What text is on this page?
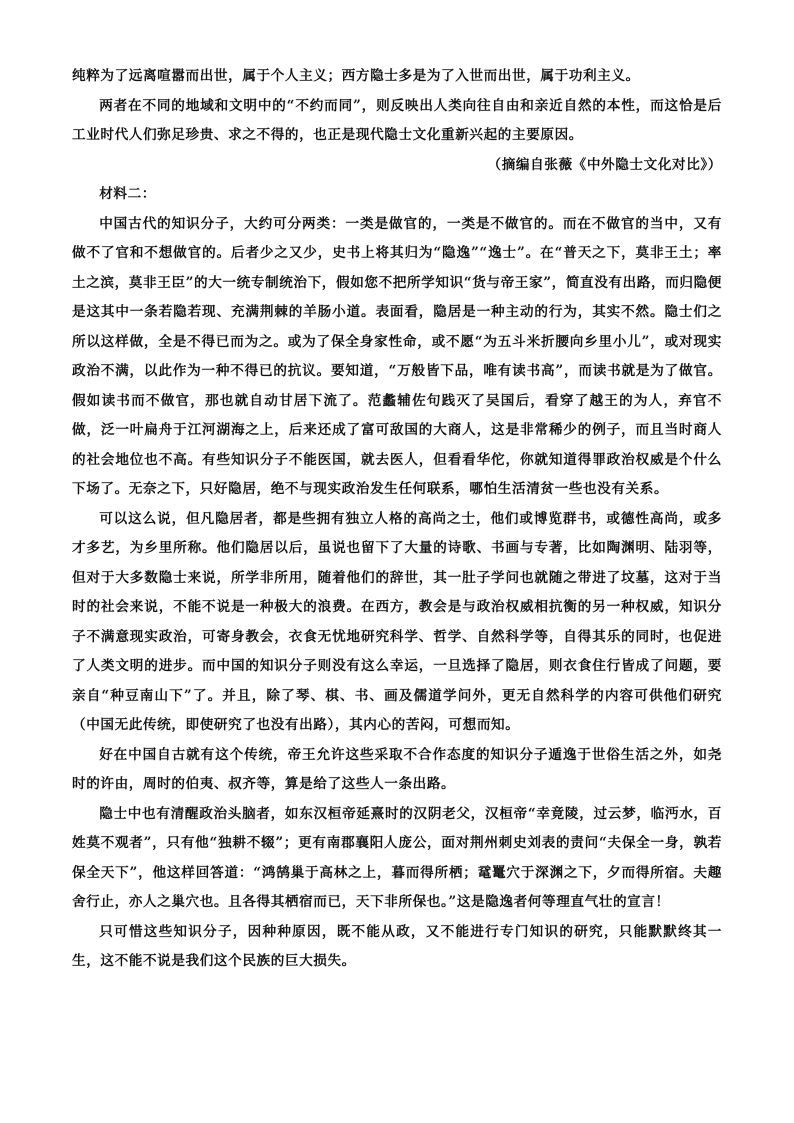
纯粹为了远离喧嚣而出世，属于个人主义；西方隐士多是为了入世而出世，属于功利主义。

两者在不同的地域和文明中的“不约而同”，则反映出人类向往自由和亲近自然的本性，而这恰是后工业时代人们弥足珍贵、求之不得的，也正是现代隐士文化重新兴起的主要原因。

（摘编自张薇《中外隐士文化对比》）

材料二：

中国古代的知识分子，大约可分两类：一类是做官的，一类是不做官的。而在不做官的当中，又有做不了官和不想做官的。后者少之又少，史书上将其归为“隐逸”“逸士”。在“普天之下，莫非王土；率土之滨，莫非王臣”的大一统专制统治下，假如您不把所学知识“货与帝王家”，简直没有出路，而归隐便是这其中一条若隐若现、充满荆棘的羊肠小道。表面看，隐居是一种主动的行为，其实不然。隐士们之所以这样做，全是不得已而为之。或为了保全身家性命，或不愿“为五斗米折腰向乡里小儿”，或对现实政治不满，以此作为一种不得已的抗议。要知道，“万般皆下品，唯有读书高”，而读书就是为了做官。假如读书而不做官，那也就自动甘居下流了。范蠡辅佐句践灭了吴国后，看穿了越王的为人，弃官不做，泛一叶扁舟于江河湖海之上，后来还成了富可敌国的大商人，这是非常稀少的例子，而且当时商人的社会地位也不高。有些知识分子不能医国，就去医人，但看看华佗，你就知道得罪政治权威是个什么下场了。无奈之下，只好隐居，绝不与现实政治发生任何联系，哪怕生活清贫一些也没有关系。

可以这么说，但凡隐居者，都是些拥有独立人格的高尚之士，他们或博览群书，或德性高尚，或多才多艺，为乡里所称。他们隐居以后，虽说也留下了大量的诗歌、书画与专著，比如陶渊明、陆羽等，但对于大多数隐士来说，所学非所用，随着他们的辞世，其一肚子学问也就随之带进了坟墓，这对于当时的社会来说，不能不说是一种极大的浪费。在西方，教会是与政治权威相抗衡的另一种权威，知识分子不满意现实政治，可寄身教会，衣食无忧地研究科学、哲学、自然科学等，自得其乐的同时，也促进了人类文明的进步。而中国的知识分子则没有这么幸运，一旦选择了隐居，则衣食住行皆成了问题，要亲自“种豆南山下”了。并且，除了琴、棋、书、画及儒道学问外，更无自然科学的内容可供他们研究（中国无此传统，即使研究了也没有出路），其内心的苦闷，可想而知。

好在中国自古就有这个传统，帝王允许这些采取不合作态度的知识分子遁逸于世俗生活之外，如尧时的许由，周时的伯夷、叔齐等，算是给了这些人一条出路。

隐士中也有清醒政治头脑者，如东汉桓帝延熹时的汉阴老父，汉桓帝“幸竟陵，过云梦，临沔水，百姓莫不观者”，只有他“独耕不辍”；更有南郡襄阳人庞公，面对荆州刺史刘表的责问“夫保全一身，孰若保全天下”，他这样回答道：“鸿鹄巢于高林之上，暮而得所栖；鼋鼍穴于深渊之下，夕而得所宿。夫趣舍行止，亦人之巢穴也。且各得其栖宿而已，天下非所保也。”这是隐逸者何等理直气壮的宣言！

只可惜这些知识分子，因种种原因，既不能从政，又不能进行专门知识的研究，只能默默终其一生，这不能不说是我们这个民族的巨大损失。
